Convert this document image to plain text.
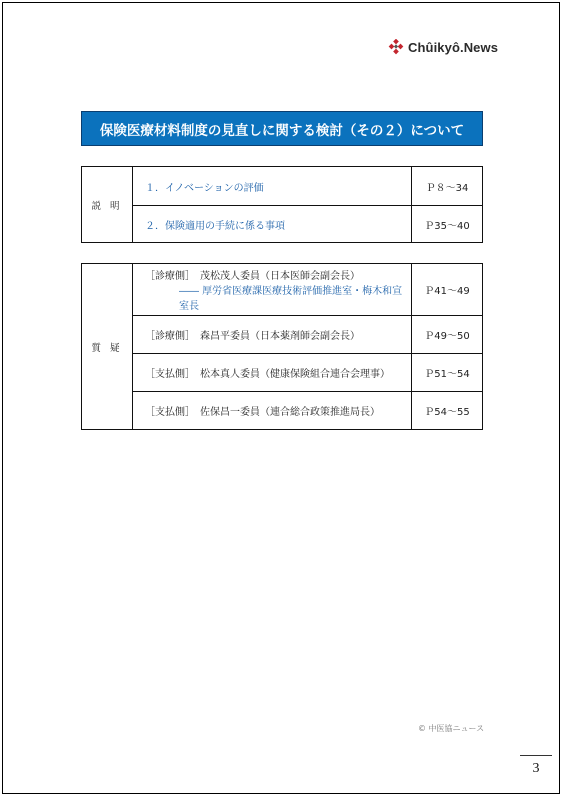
Chûikyô.News
保険医療材料制度の見直しに関する検討（その２）について
説 明	１．イノベーションの評価	Ｐ８〜34
	２．保険適用の手続に係る事項	Ｐ35〜40
質 疑	［診療側］　茂松茂人委員（日本医師会副会長）
―― 厚労省医療課医療技術評価推進室・梅木和宣室長	Ｐ41〜49
	［診療側］　森昌平委員（日本薬剤師会副会長）	Ｐ49〜50
	［支払側］　松本真人委員（健康保険組合連合会理事）	Ｐ51〜54
	［支払側］　佐保昌一委員（連合総合政策推進局長）	Ｐ54〜55
© 中医協ニュース
3
